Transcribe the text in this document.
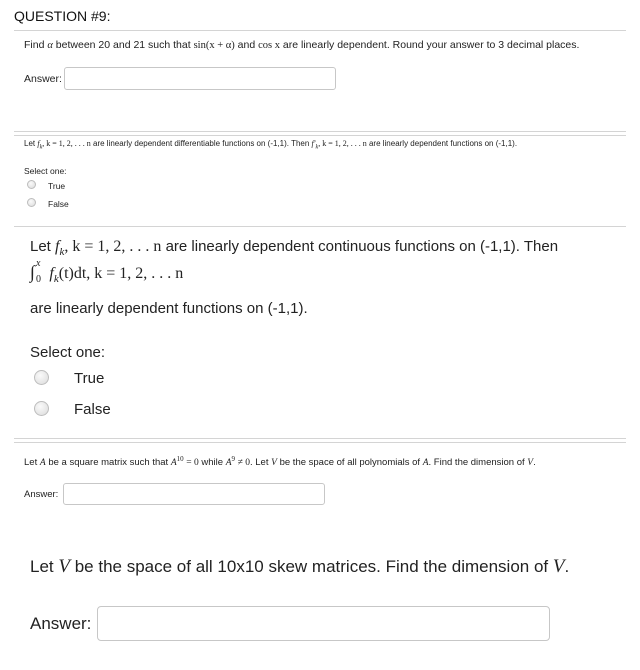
QUESTION #9:
Find α between 20 and 21 such that sin(x + α) and cos x are linearly dependent. Round your answer to 3 decimal places.
Answer:
Let $f_k$, k = 1, 2, . . . n are linearly dependent differentiable functions on (-1,1). Then $f'_k$, k = 1, 2, . . . n are linearly dependent functions on (-1,1).
Select one:
True
False
Let $f_k$, k = 1, 2, . . . n are linearly dependent continuous functions on (-1,1). Then
∫ x
0 $f_k(t)dt$, k = 1, 2, . . . n
are linearly dependent functions on (-1,1).
Select one:
True
False
Let A be a square matrix such that $A^{10} = 0$ while $A^9 \ne 0$. Let V be the space of all polynomials of A. Find the dimension of V.
Answer:
Let V be the space of all 10x10 skew matrices. Find the dimension of V.
Answer:
